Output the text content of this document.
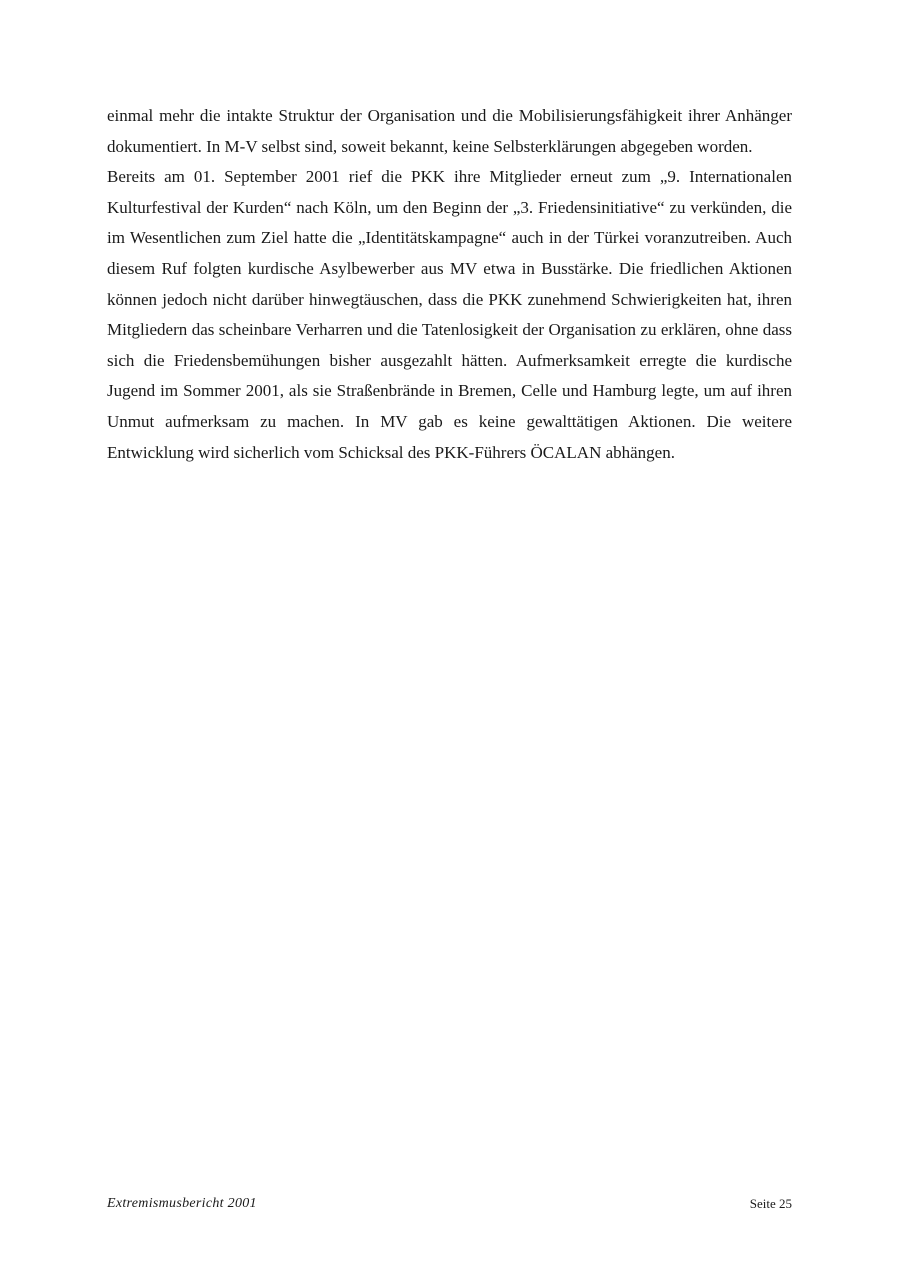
einmal mehr die intakte Struktur der Organisation und die Mobilisierungsfähigkeit ihrer Anhänger dokumentiert. In M-V selbst sind, soweit bekannt, keine Selbsterklärungen abgegeben worden.

Bereits am 01. September 2001 rief die PKK ihre Mitglieder erneut zum „9. Internationalen Kulturfestival der Kurden“ nach Köln, um den Beginn der „3. Friedensinitiative“ zu verkünden, die im Wesentlichen zum Ziel hatte die „Identitätskampagne“ auch in der Türkei voranzutreiben. Auch diesem Ruf folgten kurdische Asylbewerber aus MV etwa in Busstärke. Die friedlichen Aktionen können jedoch nicht darüber hinwegtäuschen, dass die PKK zunehmend Schwierigkeiten hat, ihren Mitgliedern das scheinbare Verharren und die Tatenlosigkeit der Organisation zu erklären, ohne dass sich die Friedensbemühungen bisher ausgezahlt hätten. Aufmerksamkeit erregte die kurdische Jugend im Sommer 2001, als sie Straßenbrände in Bremen, Celle und Hamburg legte, um auf ihren Unmut aufmerksam zu machen. In MV gab es keine gewalttätigen Aktionen. Die weitere Entwicklung wird sicherlich vom Schicksal des PKK-Führers ÖCALAN abhängen.

Extremismusbericht 2001	Seite 25
